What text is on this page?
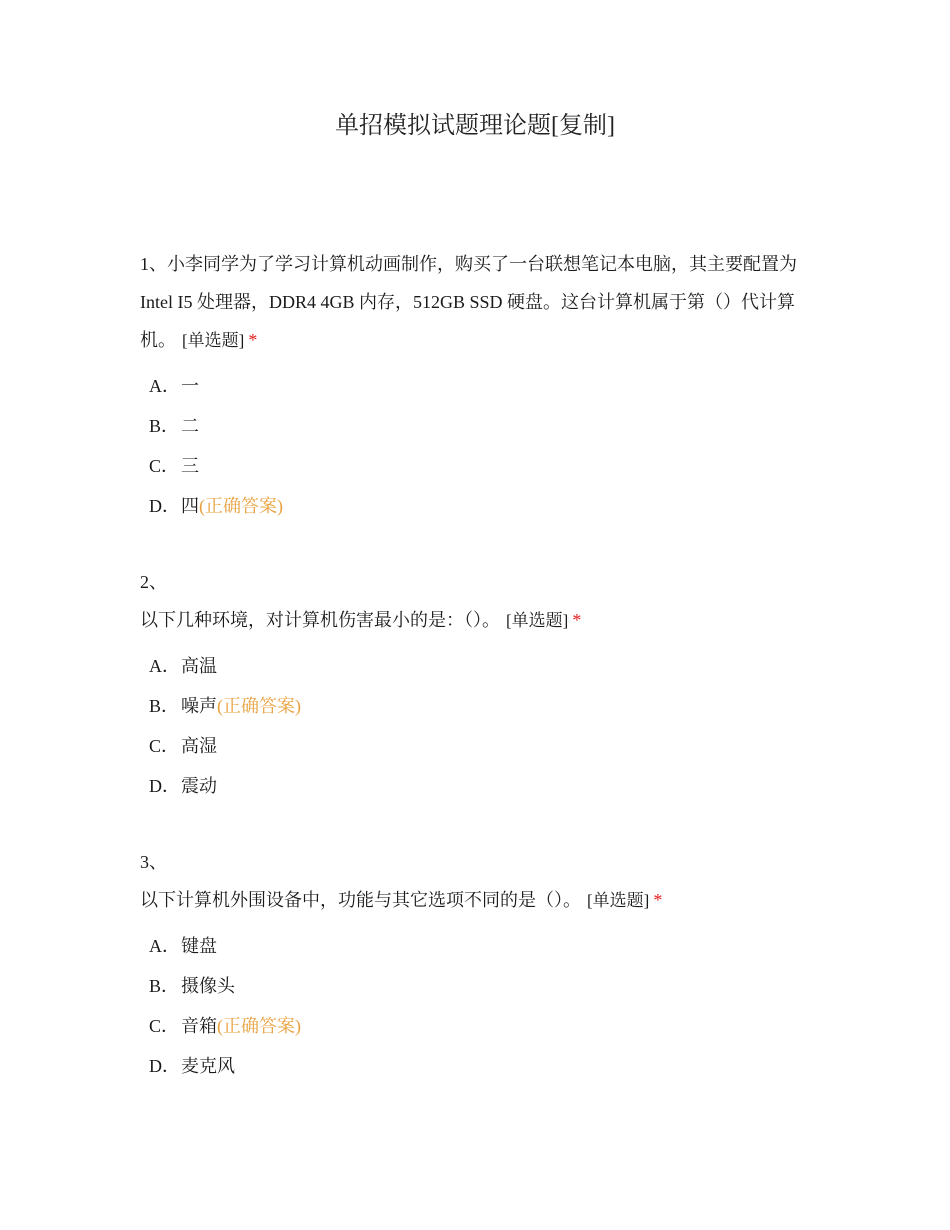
单招模拟试题理论题[复制]

1、小李同学为了学习计算机动画制作，购买了一台联想笔记本电脑，其主要配置为 Intel I5 处理器，DDR4 4GB 内存，512GB SSD 硬盘。这台计算机属于第（）代计算机。 [单选题] *

A．一
B． 二
C． 三
D．四(正确答案)

2、
以下几种环境，对计算机伤害最小的是：（）。 [单选题] *

A．高温
B． 噪声(正确答案)
C． 高湿
D．震动

3、
以下计算机外围设备中，功能与其它选项不同的是（）。 [单选题] *

A．键盘
B． 摄像头
C． 音箱(正确答案)
D．麦克风
